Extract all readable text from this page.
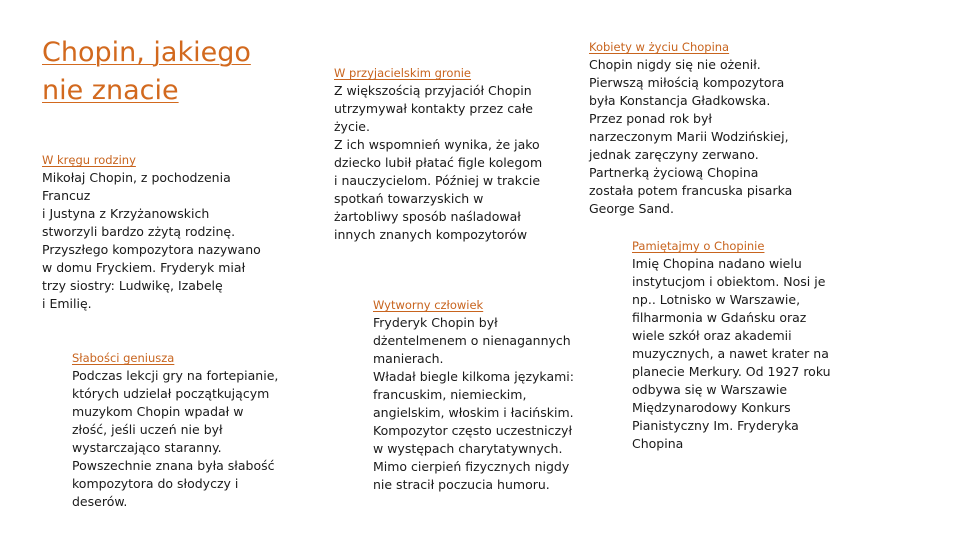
Chopin, jakiego nie znacie
W kręgu rodziny

Mikołaj Chopin, z pochodzenia
Francuz
i Justyna z Krzyżanowskich
stworzyli bardzo zżytą rodzinę.
Przyszłego kompozytora nazywano
w domu Fryckiem. Fryderyk miał
trzy siostry: Ludwikę, Izabelę
i Emilię.

Słabości geniusza

Podczas lekcji gry na fortepianie,
których udzielał początkującym
muzykom Chopin wpadał w
złość, jeśli uczeń nie był
wystarczająco staranny.
Powszechnie znana była słabość
kompozytora do słodyczy i
deserów.

W przyjacielskim gronie

Z większością przyjaciół Chopin
utrzymywał kontakty przez całe
życie.
Z ich wspomnień wynika, że jako
dziecko lubił płatać figle kolegom
i nauczycielom. Później w trakcie
spotkań towarzyskich w
żartobliwy sposób naśladował
innych znanych kompozytorów

Wytworny człowiek

Fryderyk Chopin był
dżentelmenem o nienagannych
manierach.
Władał biegle kilkoma językami:
francuskim, niemieckim,
angielskim, włoskim i łacińskim.
Kompozytor często uczestniczył
w występach charytatywnych.
Mimo cierpień fizycznych nigdy
nie stracił poczucia humoru.

Kobiety w życiu Chopina

Chopin nigdy się nie ożenił.
Pierwszą miłością kompozytora
była Konstancja Gładkowska.
Przez ponad rok był
narzeczonym Marii Wodzińskiej,
jednak zaręczyny zerwano.
Partnerką życiową Chopina
została potem francuska pisarka
George Sand.

Pamiętajmy o Chopinie

Imię Chopina nadano wielu
instytucjom i obiektom. Nosi je
np.. Lotnisko w Warszawie,
filharmonia w Gdańsku oraz
wiele szkół oraz akademii
muzycznych, a nawet krater na
planecie Merkury. Od 1927 roku
odbywa się w Warszawie
Międzynarodowy Konkurs
Pianistyczny Im. Fryderyka
Chopina
